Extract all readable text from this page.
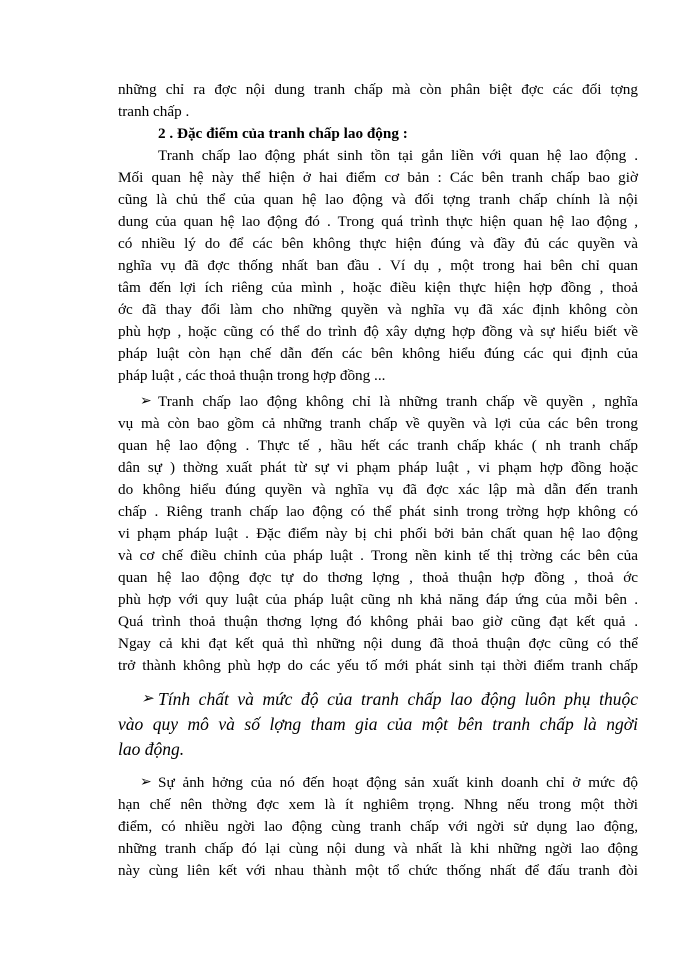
những chỉ ra đợc nội dung tranh chấp mà còn phân biệt đợc các đối tợng
tranh chấp .
2 . Đặc điểm của tranh chấp lao động :
Tranh chấp lao động phát sinh tồn tại gắn liền với quan hệ lao động .
Mối quan hệ này thể hiện ở hai điểm cơ bản : Các bên tranh chấp bao giờ
cũng là chủ thể của quan hệ lao động và đối tợng tranh chấp chính là nội
dung của quan hệ lao động đó . Trong quá trình thực hiện quan hệ lao động ,
có nhiều lý do để các bên không thực hiện đúng và đầy đủ các quyền và
nghĩa vụ đã đợc thống nhất ban đầu . Ví dụ , một trong hai bên chỉ quan
tâm đến lợi ích riêng của mình , hoặc điều kiện thực hiện hợp đồng , thoả
ớc đã thay đổi làm cho những quyền và nghĩa vụ đã xác định không còn
phù hợp , hoặc cũng có thể do trình độ xây dựng hợp đồng và sự hiểu biết về
pháp luật còn hạn chế dẫn đến các bên không hiểu đúng các qui định của
pháp luật , các thoả thuận trong hợp đồng ...
➢ Tranh chấp lao động không chỉ là những tranh chấp về quyền , nghĩa
vụ mà còn bao gồm cả những tranh chấp về quyền và lợi của các bên trong
quan hệ lao động . Thực tế , hầu hết các tranh chấp khác ( nh tranh chấp
dân sự ) thờng xuất phát từ sự vi phạm pháp luật , vi phạm hợp đồng hoặc
do không hiểu đúng quyền và nghĩa vụ đã đợc xác lập mà dẫn đến tranh
chấp . Riêng tranh chấp lao động có thể phát sinh trong trờng hợp không có
vi phạm pháp luật . Đặc điểm này bị chi phối bởi bản chất quan hệ lao động
và cơ chế điều chỉnh của pháp luật . Trong nền kinh tế thị trờng các bên của
quan hệ lao động đợc tự do thơng lợng , thoả thuận hợp đồng , thoả ớc
phù hợp với quy luật của pháp luật cũng nh khả năng đáp ứng của mỗi bên .
Quá trình thoả thuận thơng lợng đó không phải bao giờ cũng đạt kết quả .
Ngay cả khi đạt kết quả thì những nội dung đã thoả thuận đợc cũng có thể
trở thành không phù hợp do các yếu tố mới phát sinh tại thời điểm tranh chấp
➢ Tính chất và mức độ của tranh chấp lao động luôn phụ thuộc
vào quy mô và số lợng tham gia của một bên tranh chấp là ngời
lao động.
➢ Sự ảnh hởng của nó đến hoạt động sản xuất kinh doanh chỉ ở mức độ
hạn chế nên thờng đợc xem là ít nghiêm trọng. Nhng nếu trong một thời
điểm, có nhiều ngời lao động cùng tranh chấp với ngời sử dụng lao động,
những tranh chấp đó lại cùng nội dung và nhất là khi những ngời lao động
này cùng liên kết với nhau thành một tổ chức thống nhất để đấu tranh đòi
